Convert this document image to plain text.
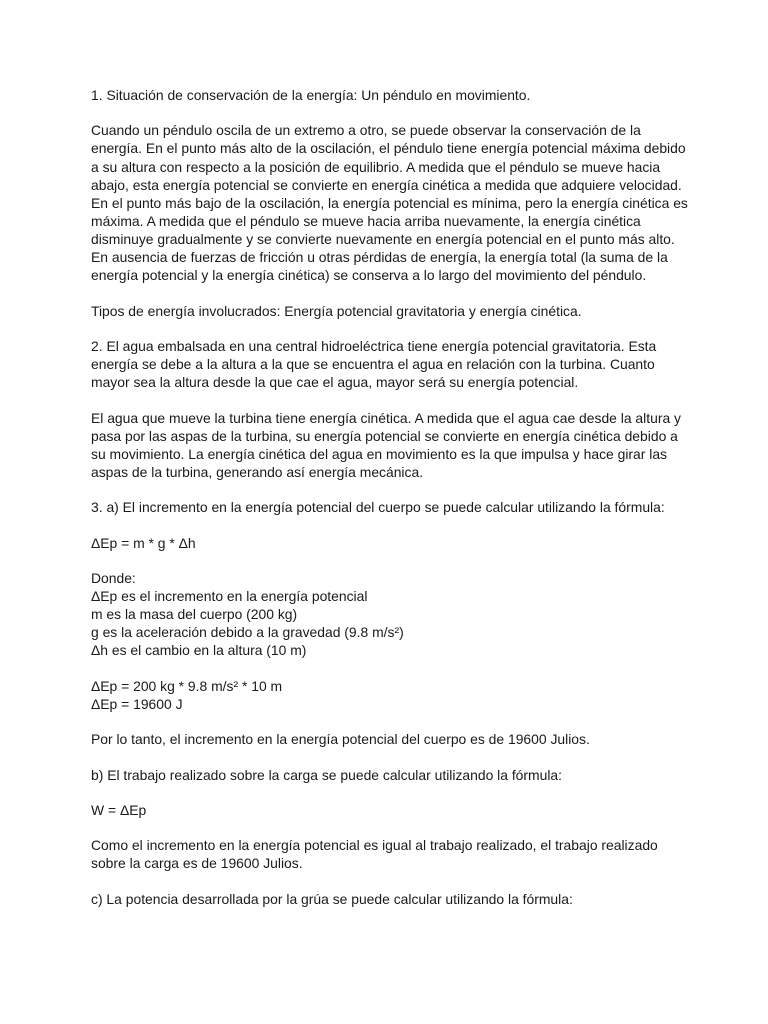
1. Situación de conservación de la energía: Un péndulo en movimiento.

Cuando un péndulo oscila de un extremo a otro, se puede observar la conservación de la energía. En el punto más alto de la oscilación, el péndulo tiene energía potencial máxima debido a su altura con respecto a la posición de equilibrio. A medida que el péndulo se mueve hacia abajo, esta energía potencial se convierte en energía cinética a medida que adquiere velocidad. En el punto más bajo de la oscilación, la energía potencial es mínima, pero la energía cinética es máxima. A medida que el péndulo se mueve hacia arriba nuevamente, la energía cinética disminuye gradualmente y se convierte nuevamente en energía potencial en el punto más alto. En ausencia de fuerzas de fricción u otras pérdidas de energía, la energía total (la suma de la energía potencial y la energía cinética) se conserva a lo largo del movimiento del péndulo.

Tipos de energía involucrados: Energía potencial gravitatoria y energía cinética.

2. El agua embalsada en una central hidroeléctrica tiene energía potencial gravitatoria. Esta energía se debe a la altura a la que se encuentra el agua en relación con la turbina. Cuanto mayor sea la altura desde la que cae el agua, mayor será su energía potencial.

El agua que mueve la turbina tiene energía cinética. A medida que el agua cae desde la altura y pasa por las aspas de la turbina, su energía potencial se convierte en energía cinética debido a su movimiento. La energía cinética del agua en movimiento es la que impulsa y hace girar las aspas de la turbina, generando así energía mecánica.

3. a) El incremento en la energía potencial del cuerpo se puede calcular utilizando la fórmula:

ΔEp = m * g * Δh

Donde:
ΔEp es el incremento en la energía potencial
m es la masa del cuerpo (200 kg)
g es la aceleración debido a la gravedad (9.8 m/s²)
Δh es el cambio en la altura (10 m)

ΔEp = 200 kg * 9.8 m/s² * 10 m
ΔEp = 19600 J

Por lo tanto, el incremento en la energía potencial del cuerpo es de 19600 Julios.

b) El trabajo realizado sobre la carga se puede calcular utilizando la fórmula:

W = ΔEp

Como el incremento en la energía potencial es igual al trabajo realizado, el trabajo realizado sobre la carga es de 19600 Julios.

c) La potencia desarrollada por la grúa se puede calcular utilizando la fórmula:
